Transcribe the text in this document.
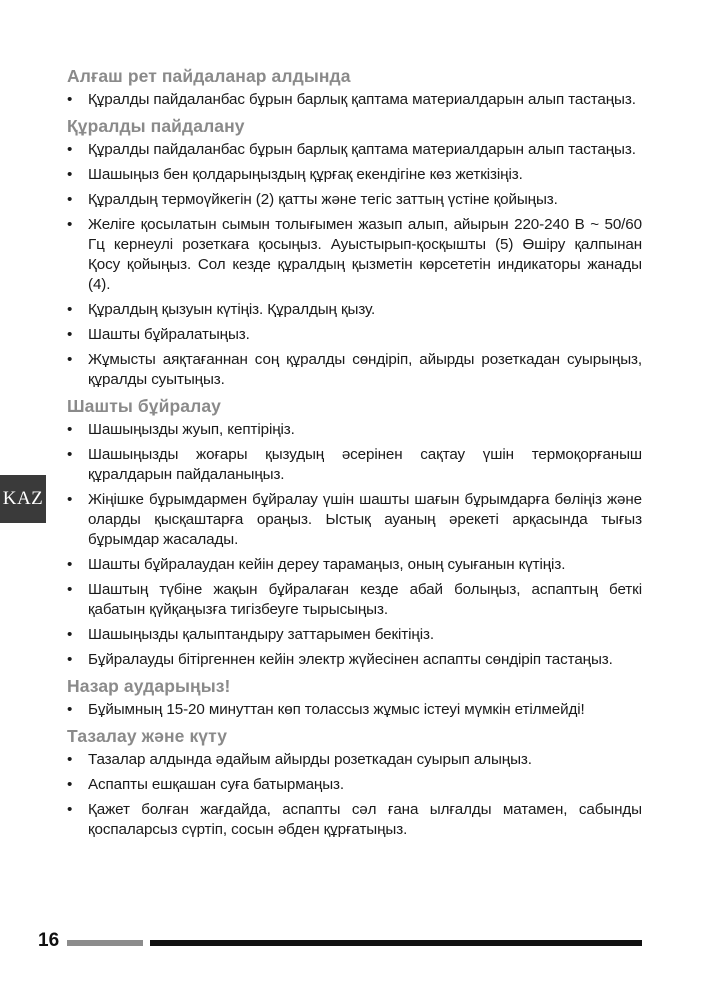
Алғаш рет пайдаланар алдында
• Құралды пайдаланбас бұрын барлық қаптама материалдарын алып тастаңыз.
Құралды пайдалану
• Құралды пайдаланбас бұрын барлық қаптама материалдарын алып тастаңыз.
• Шашыңыз бен қолдарыңыздың құрғақ екендігіне көз жеткізіңіз.
• Құралдың термоүйкегін (2) қатты және тегіс заттың үстіне қойыңыз.
• Желіге қосылатын сымын толығымен жазып алып, айырын 220-240 В ~ 50/60 Гц кернеулі розеткаға қосыңыз. Ауыстырып-қосқышты (5) Өшіру қалпынан Қосу қойыңыз. Сол кезде құралдың қызметін көрсететін индикаторы жанады (4).
• Құралдың қызуын күтіңіз. Құралдың қызу.
• Шашты бұйралатыңыз.
• Жұмысты аяқтағаннан соң құралды сөндіріп, айырды розеткадан суырыңыз, құралды суытыңыз.
Шашты бұйралау
• Шашыңызды жуып, кептіріңіз.
• Шашыңызды жоғары қызудың әсерінен сақтау үшін термоқорғаныш құралдарын пайдаланыңыз.
• Жіңішке бұрымдармен бұйралау үшін шашты шағын бұрымдарға бөліңіз және оларды қысқаштарға ораңыз. Ыстық ауаның әрекеті арқасында тығыз бұрымдар жасалады.
• Шашты бұйралаудан кейін дереу тарамаңыз, оның суығанын күтіңіз.
• Шаштың түбіне жақын бұйралаған кезде абай болыңыз, аспаптың беткі қабатын қүйқаңызға тигізбеуге тырысыңыз.
• Шашыңызды қалыптандыру заттарымен бекітіңіз.
• Бұйралауды бітіргеннен кейін электр жүйесінен аспапты сөндіріп тастаңыз.
Назар аударыңыз!
• Бұйымның 15-20 минуттан көп толассыз жұмыс істеуі мүмкін етілмейді!
Тазалау және күту
• Тазалар алдында әдайым айырды розеткадан суырып алыңыз.
• Аспапты ешқашан суға батырмаңыз.
• Қажет болған жағдайда, аспапты сәл ғана ылғалды матамен, сабынды қоспаларсыз сүртіп, сосын әбден құрғатыңыз.
KAZ
16
